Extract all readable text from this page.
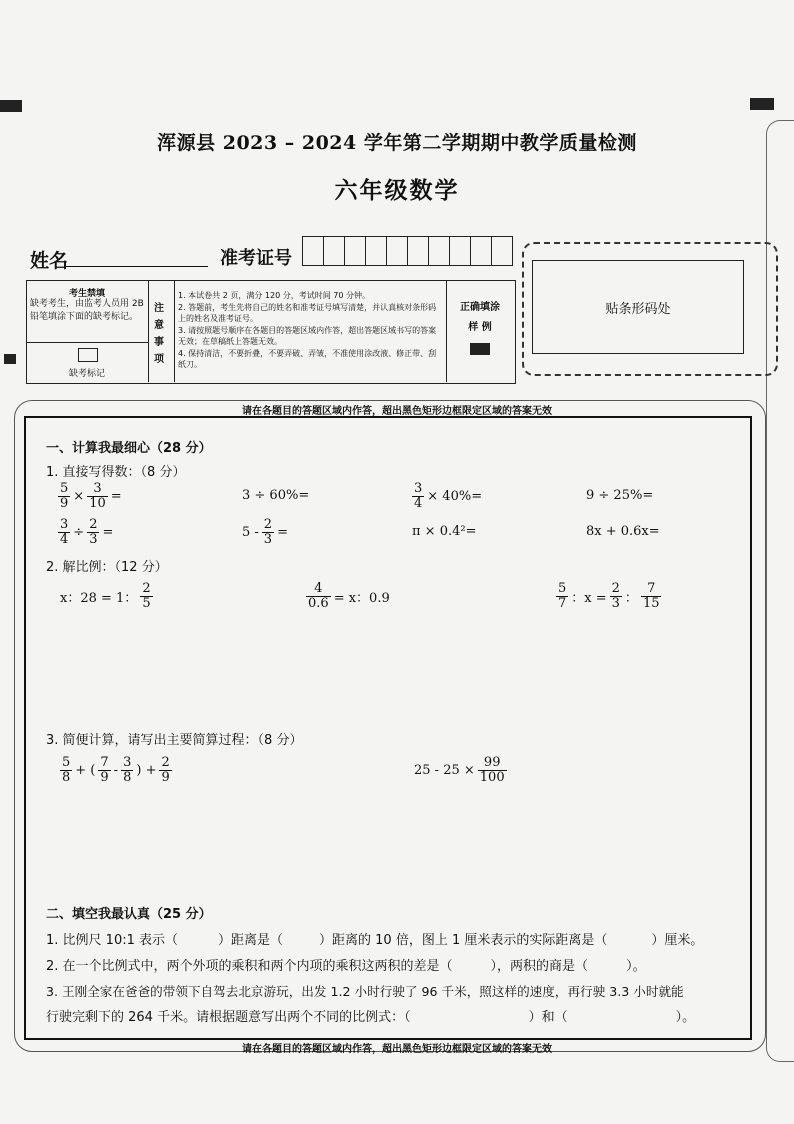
浑源县 2023 – 2024 学年第二学期期中教学质量检测
六年级数学
姓名	准考证号
考生禁填
缺考考生，由监考人员用 2B 铅笔填涂下面的缺考标记。
缺考标记
注意事项
1. 本试卷共 2 页，满分 120 分，考试时间 70 分钟。
2. 答题前，考生先将自己的姓名和准考证号填写清楚，并认真核对条形码上的姓名及准考证号。
3. 请按照题号顺序在各题目的答题区域内作答，超出答题区域书写的答案无效；在草稿纸上答题无效。
4. 保持清洁，不要折叠，不要弄破、弄皱，不准使用涂改液、修正带、刮纸刀。
正确填涂
样 例
贴条形码处
请在各题目的答题区域内作答，超出黑色矩形边框限定区域的答案无效
请在各题目的答题区域内作答，超出黑色矩形边框限定区域的答案无效
一、计算我最细心（28 分）
1. 直接写得数：（8 分）
$\frac{5}{9} \times \frac{3}{10}$ =	3 ÷ 60%=	$\frac{3}{4} \times 40\%=$	9 ÷ 25%=
$\frac{3}{4} \div \frac{2}{3}$ =	$5 - \frac{2}{3}$ =	π × 0.4²=	8x + 0.6x=
2. 解比例：（12 分）
x：28 = 1： $\frac{2}{5}$	$\frac{4}{0.6} = x$：0.9	$\frac{5}{7}$ ：$x = \frac{2}{3}$ ： $\frac{7}{15}$
3. 简便计算，请写出主要简算过程：（8 分）
$\frac{5}{8}$ + ( $\frac{7}{9} - \frac{3}{8}$ ) + $\frac{2}{9}$	$25 - 25 \times \frac{99}{100}$
二、填空我最认真（25 分）
1. 比例尺 10:1 表示（	）距离是（	）距离的 10 倍，图上 1 厘米表示的实际距离是（	）厘米。
2. 在一个比例式中，两个外项的乘积和两个内项的乘积这两积的差是（	），两积的商是（	）。
3. 王刚全家在爸爸的带领下自驾去北京游玩，出发 1.2 小时行驶了 96 千米，照这样的速度，再行驶 3.3 小时就能
行驶完剩下的 264 千米。请根据题意写出两个不同的比例式：（	）和（	）。
